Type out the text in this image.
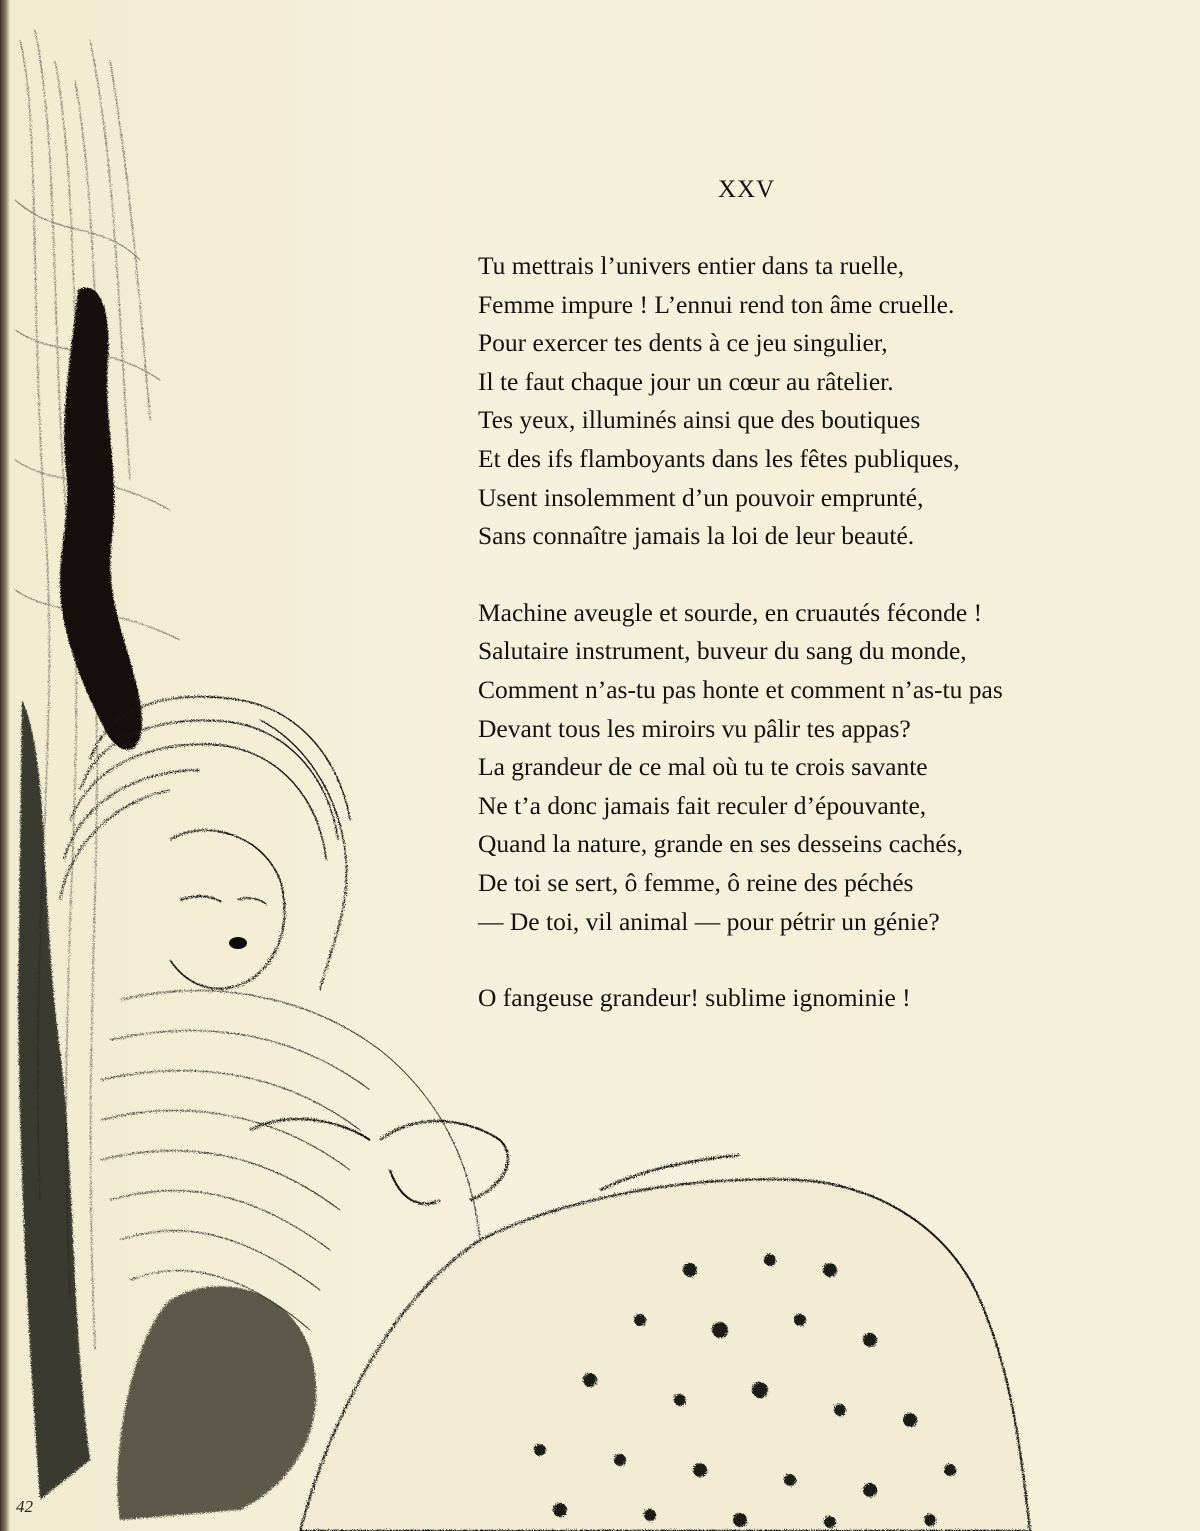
XXV
Tu mettrais l’univers entier dans ta ruelle,
Femme impure ! L’ennui rend ton âme cruelle.
Pour exercer tes dents à ce jeu singulier,
Il te faut chaque jour un cœur au râtelier.
Tes yeux, illuminés ainsi que des boutiques
Et des ifs flamboyants dans les fêtes publiques,
Usent insolemment d’un pouvoir emprunté,
Sans connaître jamais la loi de leur beauté.
Machine aveugle et sourde, en cruautés féconde !
Salutaire instrument, buveur du sang du monde,
Comment n’as-tu pas honte et comment n’as-tu pas
Devant tous les miroirs vu pâlir tes appas?
La grandeur de ce mal où tu te crois savante
Ne t’a donc jamais fait reculer d’épouvante,
Quand la nature, grande en ses desseins cachés,
De toi se sert, ô femme, ô reine des péchés
— De toi, vil animal — pour pétrir un génie?
O fangeuse grandeur! sublime ignominie !
42
